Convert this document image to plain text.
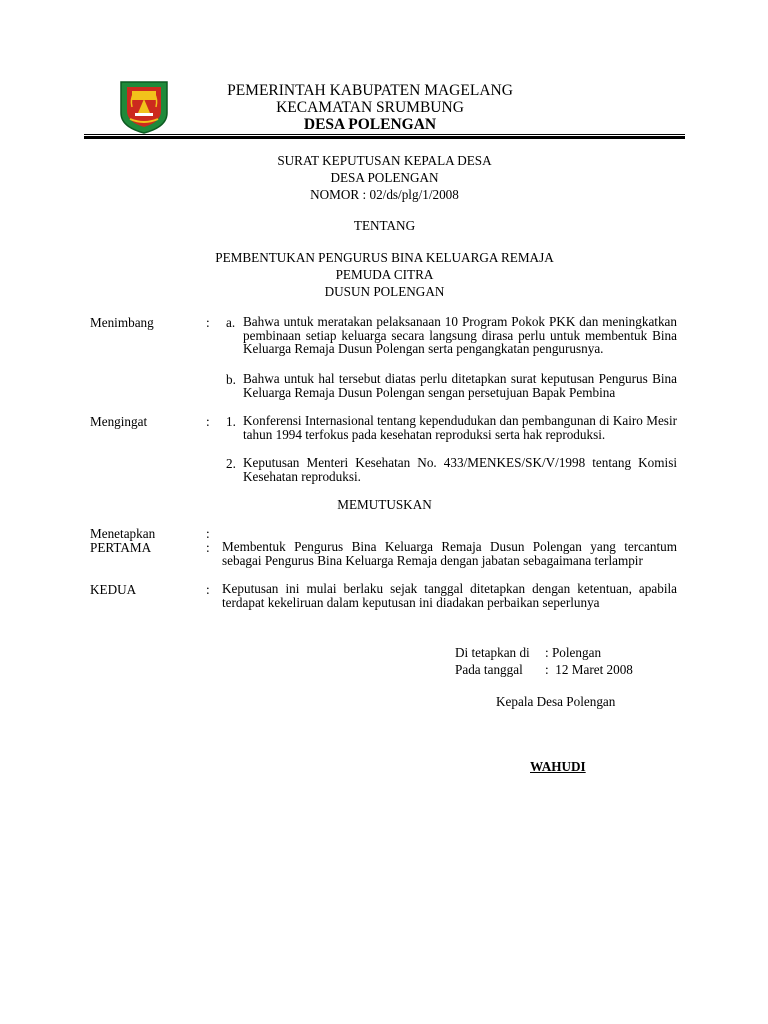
PEMERINTAH KABUPATEN MAGELANG
KECAMATAN SRUMBUNG
DESA POLENGAN
SURAT KEPUTUSAN KEPALA DESA
DESA POLENGAN
NOMOR : 02/ds/plg/1/2008
TENTANG
PEMBENTUKAN PENGURUS BINA KELUARGA REMAJA
PEMUDA CITRA
DUSUN POLENGAN
Menimbang	: a. Bahwa untuk meratakan pelaksanaan 10 Program Pokok PKK dan meningkatkan pembinaan setiap keluarga secara langsung dirasa perlu untuk membentuk Bina Keluarga Remaja Dusun Polengan serta pengangkatan pengurusnya.
b. Bahwa untuk hal tersebut diatas perlu ditetapkan surat keputusan Pengurus Bina Keluarga Remaja Dusun Polengan sengan persetujuan Bapak Pembina
Mengingat	: 1. Konferensi Internasional tentang kependudukan dan pembangunan di Kairo Mesir tahun 1994 terfokus pada kesehatan reproduksi serta hak reproduksi.
2. Keputusan Menteri Kesehatan No. 433/MENKES/SK/V/1998 tentang Komisi Kesehatan reproduksi.
MEMUTUSKAN
Menetapkan	:
PERTAMA	: Membentuk Pengurus Bina Keluarga Remaja Dusun Polengan yang tercantum sebagai Pengurus Bina Keluarga Remaja dengan jabatan sebagaimana terlampir
KEDUA	: Keputusan ini mulai berlaku sejak tanggal ditetapkan dengan ketentuan, apabila terdapat kekeliruan dalam keputusan ini diadakan perbaikan seperlunya
Di tetapkan di : Polengan
Pada tanggal :  12 Maret 2008
Kepala Desa Polengan
WAHUDI
